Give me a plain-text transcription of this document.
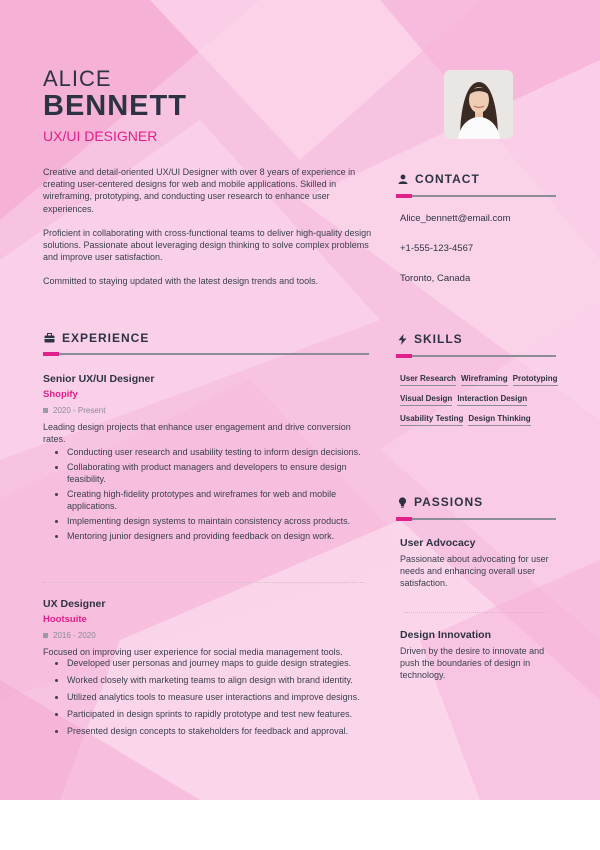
ALICE
BENNETT
UX/UI DESIGNER

Creative and detail-oriented UX/UI Designer with over 8 years of experience in creating user-centered designs for web and mobile applications. Skilled in wireframing, prototyping, and conducting user research to enhance user experiences.

Proficient in collaborating with cross-functional teams to deliver high-quality design solutions. Passionate about leveraging design thinking to solve complex problems and improve user satisfaction.

Committed to staying updated with the latest design trends and tools.

CONTACT
Alice_bennett@email.com
+1-555-123-4567
Toronto, Canada
EXPERIENCE
Senior UX/UI Designer
Shopify
2020 - Present
Leading design projects that enhance user engagement and drive conversion rates.
• Conducting user research and usability testing to inform design decisions.
• Collaborating with product managers and developers to ensure design feasibility.
• Creating high-fidelity prototypes and wireframes for web and mobile applications.
• Implementing design systems to maintain consistency across products.
• Mentoring junior designers and providing feedback on design work.
UX Designer
Hootsuite
2016 - 2020
Focused on improving user experience for social media management tools.
• Developed user personas and journey maps to guide design strategies.
• Worked closely with marketing teams to align design with brand identity.
• Utilized analytics tools to measure user interactions and improve designs.
• Participated in design sprints to rapidly prototype and test new features.
• Presented design concepts to stakeholders for feedback and approval.
SKILLS
User Research Wireframing Prototyping
Visual Design Interaction Design
Usability Testing Design Thinking
PASSIONS
User Advocacy
Passionate about advocating for user needs and enhancing overall user satisfaction.
Design Innovation
Driven by the desire to innovate and push the boundaries of design in technology.
